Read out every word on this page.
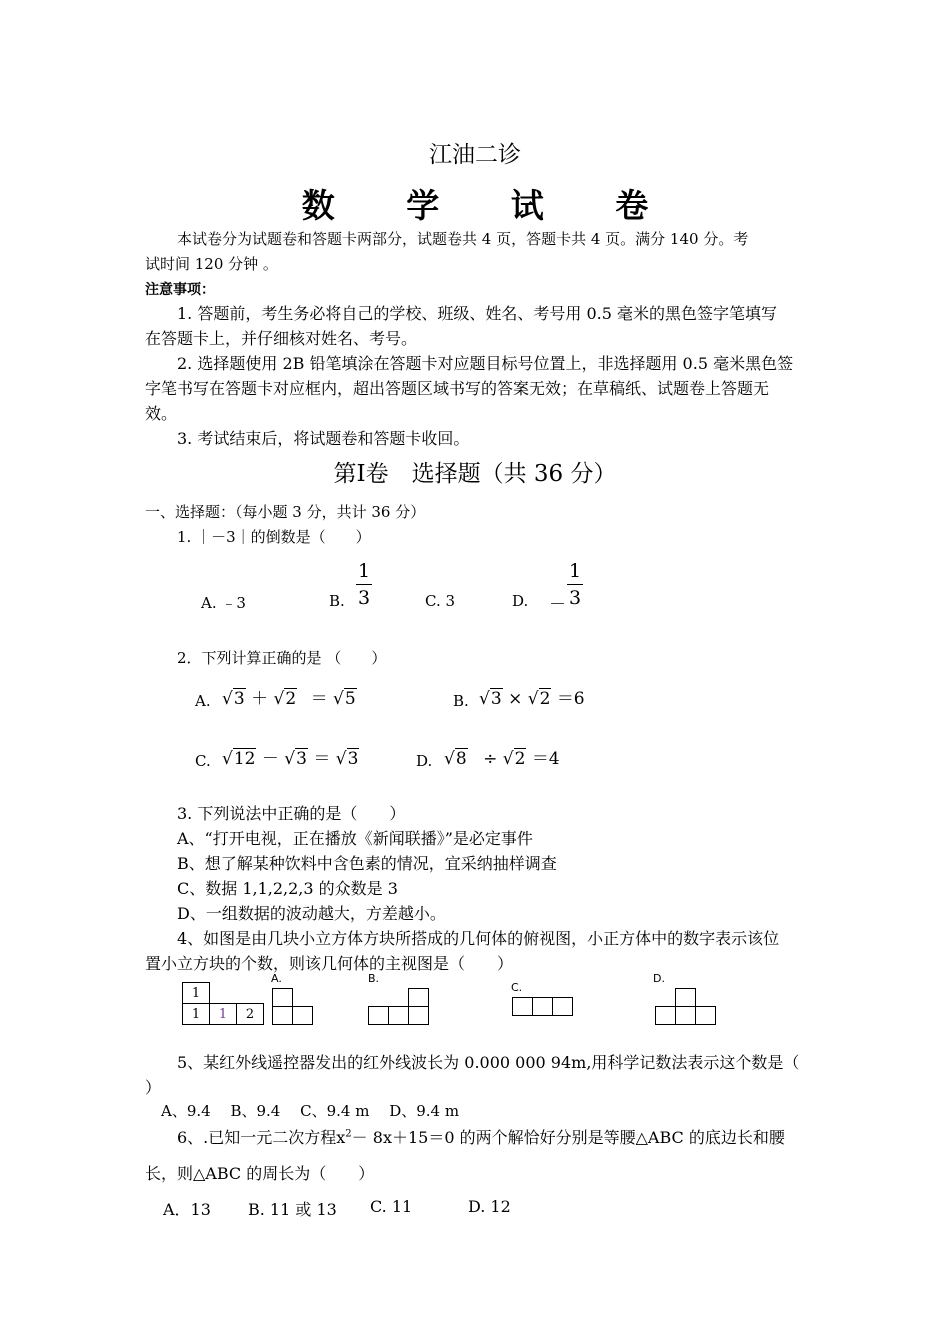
江油二诊
数 学 试 卷
本试卷分为试题卷和答题卡两部分，试题卷共 4 页，答题卡共 4 页。满分 140 分。考
试时间 120 分钟 。
注意事项：
1. 答题前，考生务必将自己的学校、班级、姓名、考号用 0.5 毫米的黑色签字笔填写
在答题卡上，并仔细核对姓名、考号。
2. 选择题使用 2B 铅笔填涂在答题卡对应题目标号位置上，非选择题用 0.5 毫米黑色签
字笔书写在答题卡对应框内，超出答题区域书写的答案无效；在草稿纸、试题卷上答题无
效。
3. 考试结束后，将试题卷和答题卡收回。
第Ⅰ卷　选择题（共 36 分）
一、选择题：（每小题 3 分，共计 36 分）
1. ｜－3｜的倒数是（　　）
A. ﹣3	B.
1
3	C. 3	D. －
1
3
2．下列计算正确的是 （　　）
A. √3 ＋ √2 ＝ √5	B. √3 × √2 ＝6
C. √12 － √3 ＝ √3	D. √8 ÷ √2 ＝4
3. 下列说法中正确的是（　　）
A、“打开电视，正在播放《新闻联播》”是必定事件
B、想了解某种饮料中含色素的情况，宜采纳抽样调查
C、数据 1,1,2,2,3 的众数是 3
D、一组数据的波动越大，方差越小。
4、如图是由几块小立方体方块所搭成的几何体的俯视图，小正方体中的数字表示该位
置小立方块的个数，则该几何体的主视图是（　　）
1		
1	1	2
A.

		B.

C.

D.

5、某红外线遥控器发出的红外线波长为 0.000 000 94m,用科学记数法表示这个数是（
）
A、9.4　 B、9.4　 C、9.4 m　 D、9.4 m
6、.已知一元二次方程$x^2- 8x+15=0$ 的两个解恰好分别是等腰△ABC 的底边长和腰
长，则△ABC 的周长为（　　）
A．13 B. 11 或 13 C. 11	D. 12
